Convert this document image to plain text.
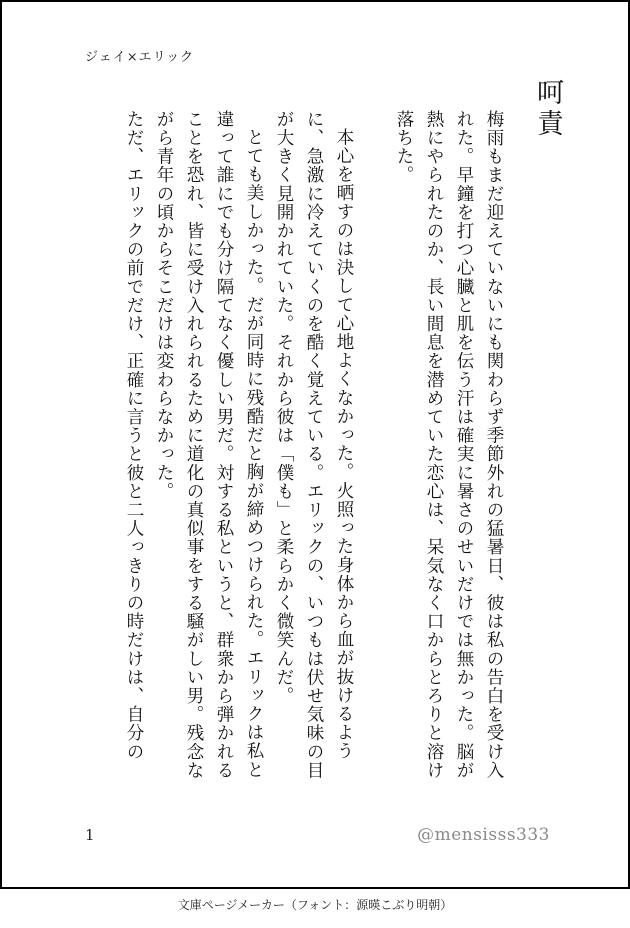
ジェイ×エリック
呵責

梅雨もまだ迎えていないにも関わらず季節外れの猛暑日、彼は私の告白を受け入れた。早鐘を打つ心臓と肌を伝う汗は確実に暑さのせいだけでは無かった。脳が熱にやられたのか、長い間息を潜めていた恋心は、呆気なく口からとろりと溶け落ちた。

本心を晒すのは決して心地よくなかった。火照った身体から血が抜けるように、急激に冷えていくのを酷く覚えている。エリックの、いつもは伏せ気味の目が大きく見開かれていた。それから彼は「僕も」と柔らかく微笑んだ。

とても美しかった。だが同時に残酷だと胸が締めつけられた。エリックは私と違って誰にでも分け隔てなく優しい男だ。対する私というと、群衆から弾かれることを恐れ、皆に受け入れられるために道化の真似事をする騒がしい男。残念ながら青年の頃からそこだけは変わらなかった。

ただ、エリックの前でだけ、正確に言うと彼と二人っきりの時だけは、自分の

1	@mensisss333
文庫ページメーカー（フォント：源暎こぶり明朝）
